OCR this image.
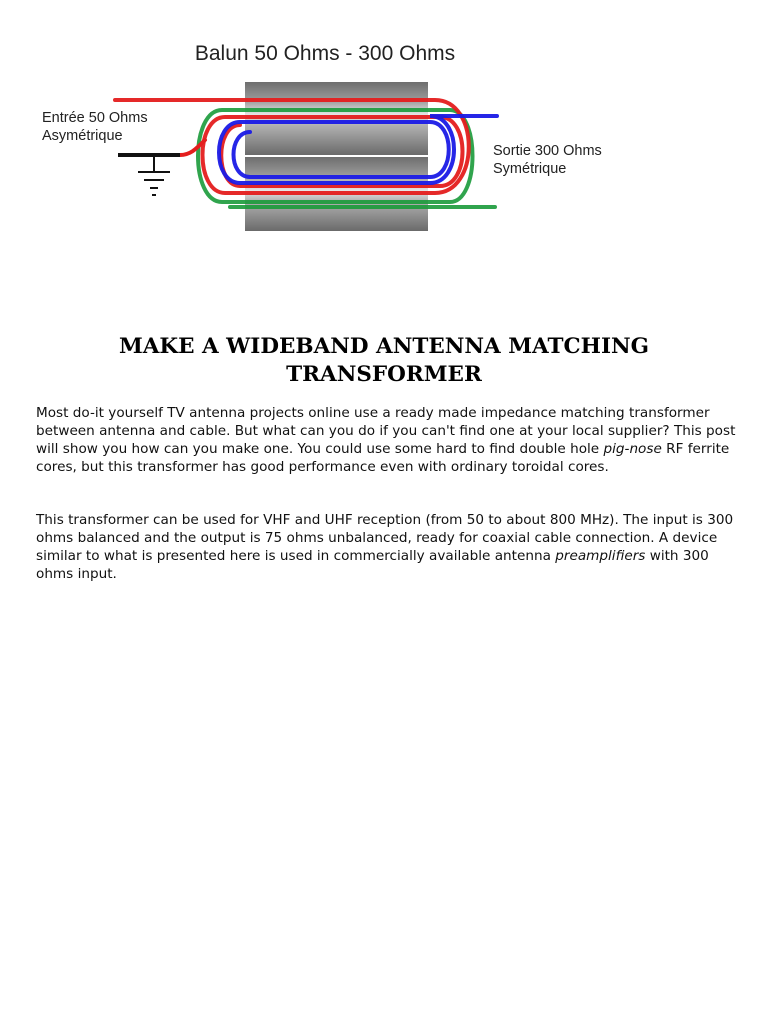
Balun 50 Ohms - 300 Ohms
Entrée 50 Ohms
Asymétrique
Sortie 300 Ohms
Symétrique
MAKE A WIDEBAND ANTENNA MATCHING TRANSFORMER

Most do-it yourself TV antenna projects online use a ready made impedance matching transformer between antenna and cable. But what can you do if you can't find one at your local supplier? This post will show you how can you make one. You could use some hard to find double hole pig-nose RF ferrite cores, but this transformer has good performance even with ordinary toroidal cores.

This transformer can be used for VHF and UHF reception (from 50 to about 800 MHz). The input is 300 ohms balanced and the output is 75 ohms unbalanced, ready for coaxial cable connection. A device similar to what is presented here is used in commercially available antenna preamplifiers with 300 ohms input.
